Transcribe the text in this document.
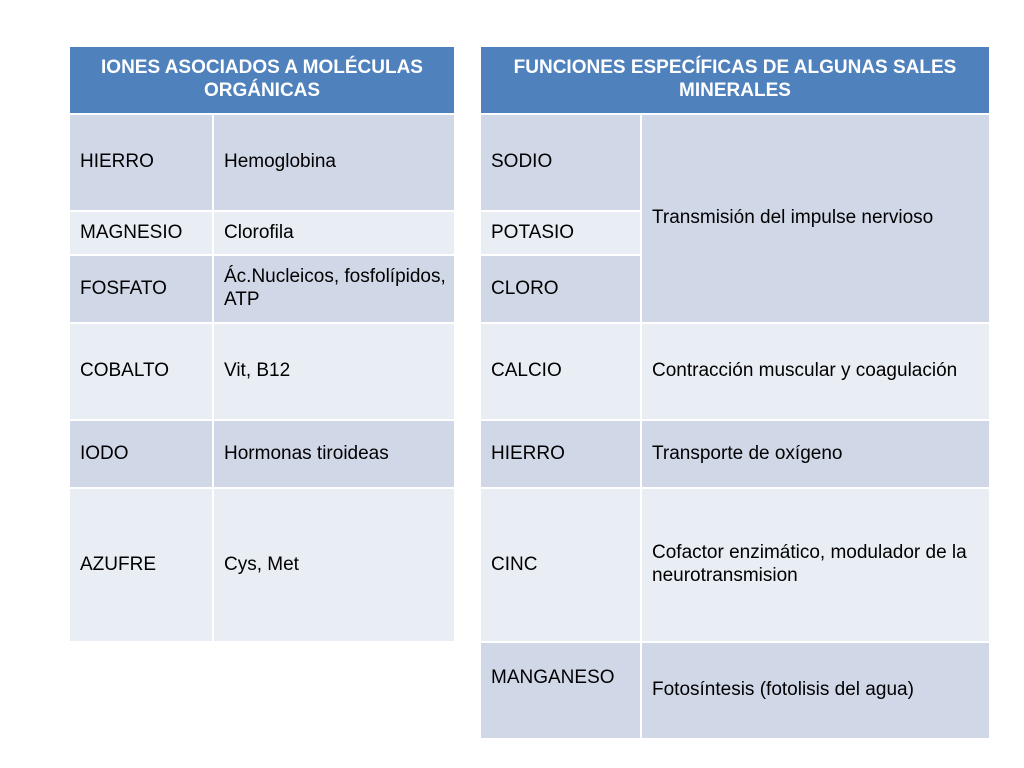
IONES ASOCIADOS A MOLÉCULAS ORGÁNICAS	
HIERRO	Hemoglobina
MAGNESIO	Clorofila
FOSFATO	Ác.Nucleicos, fosfolípidos, ATP
COBALTO	Vit, B12
IODO	Hormonas tiroideas
AZUFRE	Cys, Met
FUNCIONES ESPECÍFICAS DE ALGUNAS SALES MINERALES	
SODIO	Transmisión del impulse nervioso
POTASIO	
CLORO	
CALCIO	Contracción muscular y coagulación
HIERRO	Transporte de oxígeno
CINC	Cofactor enzimático, modulador de la neurotransmision
MANGANESO	Fotosíntesis (fotolisis del agua)
